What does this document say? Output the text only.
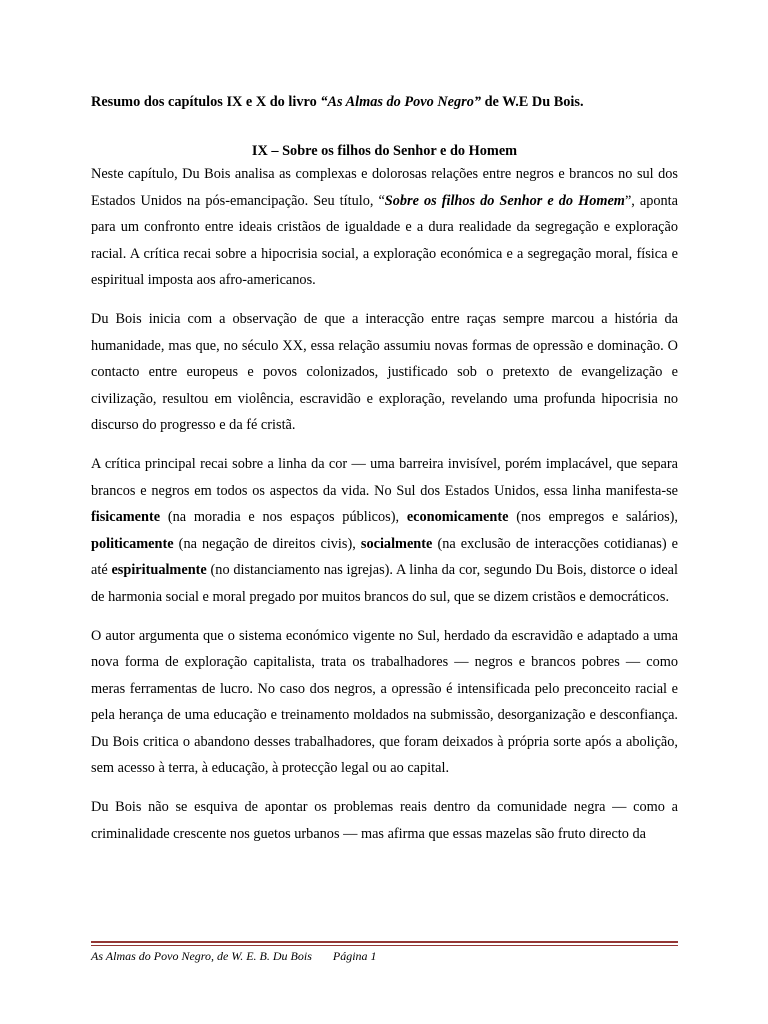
Resumo dos capítulos IX e X do livro “As Almas do Povo Negro” de W.E Du Bois.

IX – Sobre os filhos do Senhor e do Homem

Neste capítulo, Du Bois analisa as complexas e dolorosas relações entre negros e brancos no sul dos Estados Unidos na pós-emancipação. Seu título, “Sobre os filhos do Senhor e do Homem”, aponta para um confronto entre ideais cristãos de igualdade e a dura realidade da segregação e exploração racial. A crítica recai sobre a hipocrisia social, a exploração económica e a segregação moral, física e espiritual imposta aos afro-americanos.

Du Bois inicia com a observação de que a interacção entre raças sempre marcou a história da humanidade, mas que, no século XX, essa relação assumiu novas formas de opressão e dominação. O contacto entre europeus e povos colonizados, justificado sob o pretexto de evangelização e civilização, resultou em violência, escravidão e exploração, revelando uma profunda hipocrisia no discurso do progresso e da fé cristã.

A crítica principal recai sobre a linha da cor — uma barreira invisível, porém implacável, que separa brancos e negros em todos os aspectos da vida. No Sul dos Estados Unidos, essa linha manifesta-se fisicamente (na moradia e nos espaços públicos), economicamente (nos empregos e salários), politicamente (na negação de direitos civis), socialmente (na exclusão de interacções cotidianas) e até espiritualmente (no distanciamento nas igrejas). A linha da cor, segundo Du Bois, distorce o ideal de harmonia social e moral pregado por muitos brancos do sul, que se dizem cristãos e democráticos.

O autor argumenta que o sistema económico vigente no Sul, herdado da escravidão e adaptado a uma nova forma de exploração capitalista, trata os trabalhadores — negros e brancos pobres — como meras ferramentas de lucro. No caso dos negros, a opressão é intensificada pelo preconceito racial e pela herança de uma educação e treinamento moldados na submissão, desorganização e desconfiança. Du Bois critica o abandono desses trabalhadores, que foram deixados à própria sorte após a abolição, sem acesso à terra, à educação, à protecção legal ou ao capital.

Du Bois não se esquiva de apontar os problemas reais dentro da comunidade negra — como a criminalidade crescente nos guetos urbanos — mas afirma que essas mazelas são fruto directo da

As Almas do Povo Negro, de W. E. B. Du Bois Página 1
